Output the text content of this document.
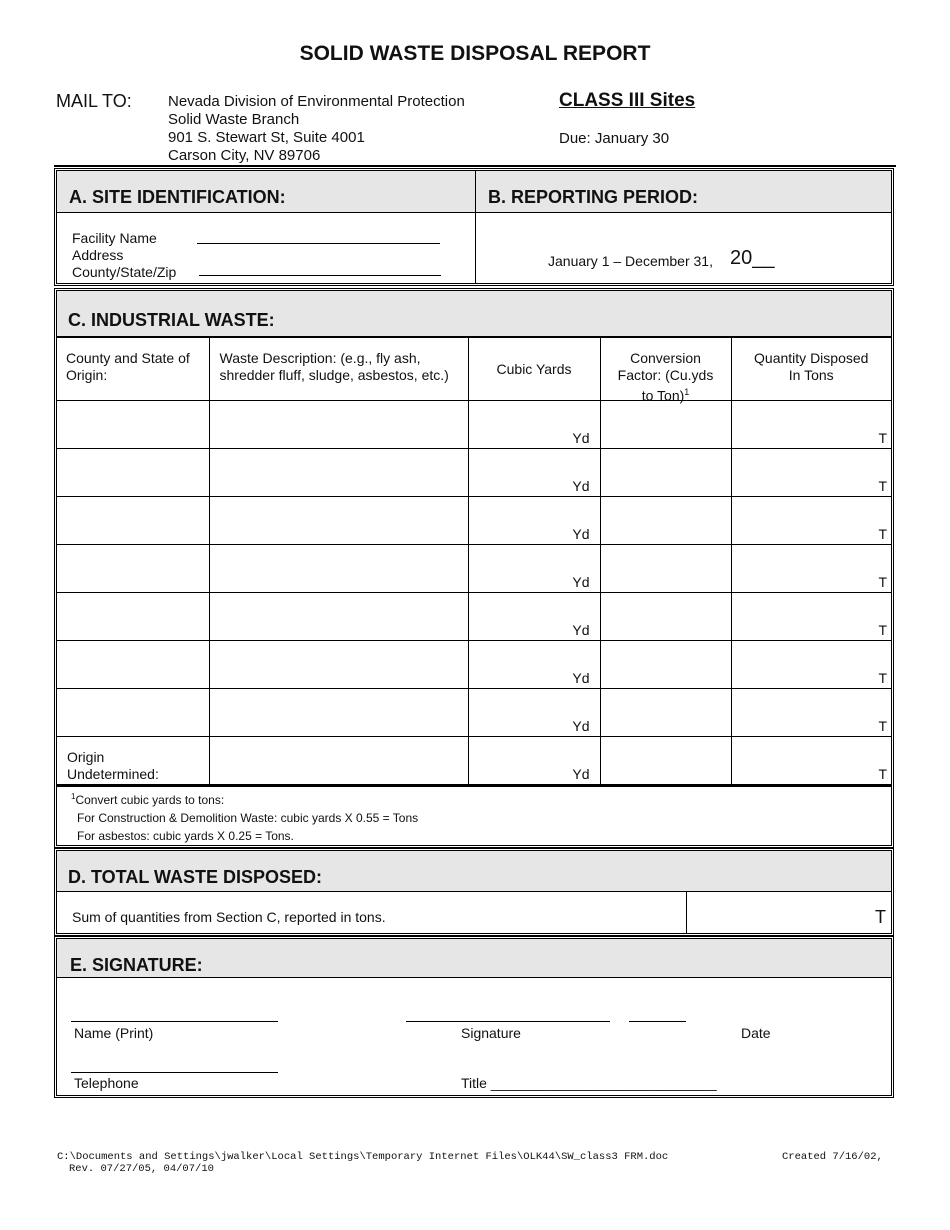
SOLID WASTE DISPOSAL REPORT
MAIL TO: Nevada Division of Environmental Protection
Solid Waste Branch
901 S. Stewart St, Suite 4001
Carson City, NV 89706
CLASS III Sites
Due: January 30
A. SITE IDENTIFICATION:	B. REPORTING PERIOD:
Facility Name
Address
County/State/Zip
January 1 – December 31, 20__
C. INDUSTRIAL WASTE:
County and State of Origin:	Waste Description: (e.g., fly ash, shredder fluff, sludge, asbestos, etc.)	Cubic Yards	Conversion Factor: (Cu.yds to Ton)$^1$	Quantity Disposed In Tons

		Yd		T

		Yd		T

		Yd		T

		Yd		T

		Yd		T

		Yd		T

		Yd		T

Origin Undetermined:		Yd		T
$^1$Convert cubic yards to tons:
For Construction & Demolition Waste: cubic yards X 0.55 = Tons
For asbestos: cubic yards X 0.25 = Tons.
D. TOTAL WASTE DISPOSED:
Sum of quantities from Section C, reported in tons.	T
E. SIGNATURE:
Name (Print)	Signature	Date
Telephone	Title _____________________________
C:\Documents and Settings\jwalker\Local Settings\Temporary Internet Files\OLK44\SW_class3 FRM.doc
Rev. 07/27/05, 04/07/10
Created 7/16/02,
